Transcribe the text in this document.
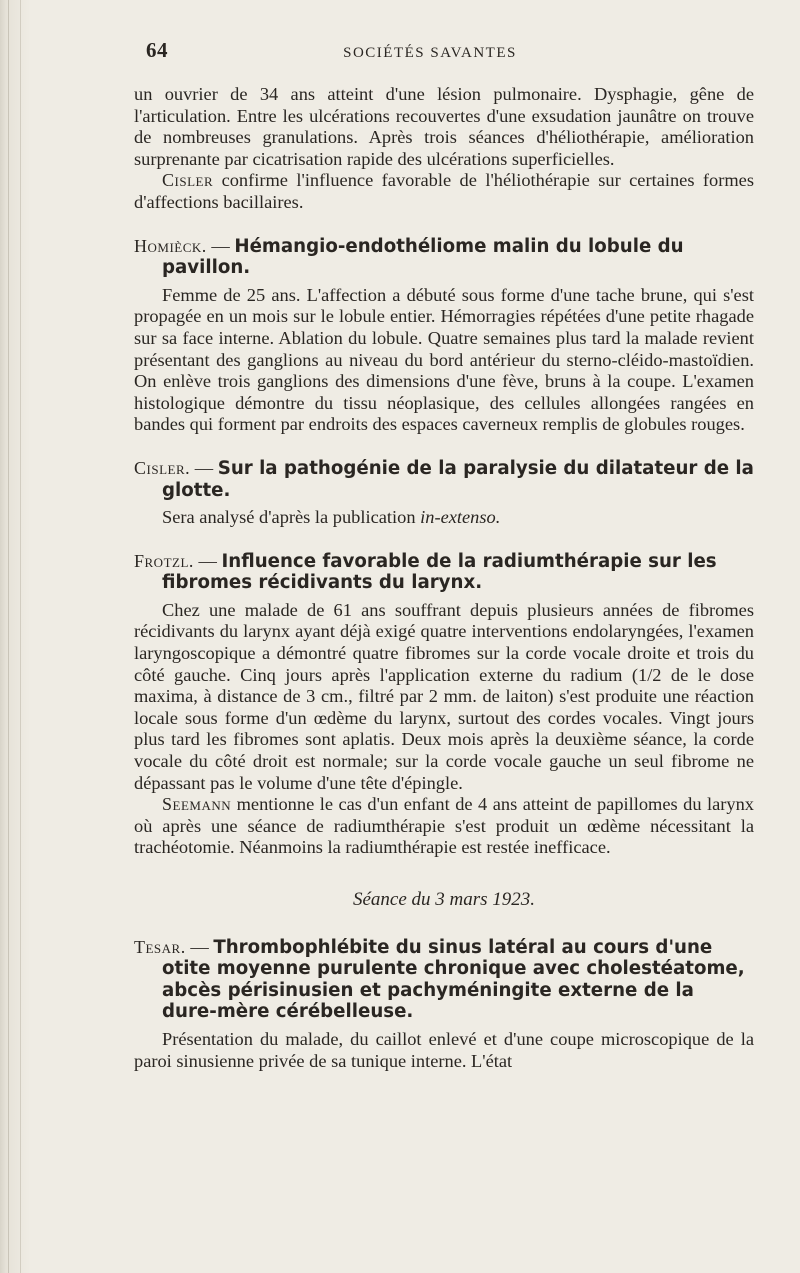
64	SOCIÉTÉS SAVANTES

un ouvrier de 34 ans atteint d'une lésion pulmonaire. Dysphagie, gêne de l'articulation. Entre les ulcérations recouvertes d'une exsudation jaunâtre on trouve de nombreuses granulations. Après trois séances d'héliothérapie, amélioration surprenante par cicatrisation rapide des ulcérations superficielles.

Cisler confirme l'influence favorable de l'héliothérapie sur certaines formes d'affections bacillaires.

Homièck. — Hémangio-endothéliome malin du lobule du pavillon.

Femme de 25 ans. L'affection a débuté sous forme d'une tache brune, qui s'est propagée en un mois sur le lobule entier. Hémorragies répétées d'une petite rhagade sur sa face interne. Ablation du lobule. Quatre semaines plus tard la malade revient présentant des ganglions au niveau du bord antérieur du sterno-cléido-mastoïdien. On enlève trois ganglions des dimensions d'une fève, bruns à la coupe. L'examen histologique démontre du tissu néoplasique, des cellules allongées rangées en bandes qui forment par endroits des espaces caverneux remplis de globules rouges.

Cisler. — Sur la pathogénie de la paralysie du dilatateur de la glotte.

Sera analysé d'après la publication in-extenso.

Frotzl. — Influence favorable de la radiumthérapie sur les fibromes récidivants du larynx.

Chez une malade de 61 ans souffrant depuis plusieurs années de fibromes récidivants du larynx ayant déjà exigé quatre interventions endolaryngées, l'examen laryngoscopique a démontré quatre fibromes sur la corde vocale droite et trois du côté gauche. Cinq jours après l'application externe du radium (1/2 de le dose maxima, à distance de 3 cm., filtré par 2 mm. de laiton) s'est produite une réaction locale sous forme d'un œdème du larynx, surtout des cordes vocales. Vingt jours plus tard les fibromes sont aplatis. Deux mois après la deuxième séance, la corde vocale du côté droit est normale; sur la corde vocale gauche un seul fibrome ne dépassant pas le volume d'une tête d'épingle.

Seemann mentionne le cas d'un enfant de 4 ans atteint de papillomes du larynx où après une séance de radiumthérapie s'est produit un œdème nécessitant la trachéotomie. Néanmoins la radiumthérapie est restée inefficace.

Séance du 3 mars 1923.

Tesar. — Thrombophlébite du sinus latéral au cours d'une otite moyenne purulente chronique avec cholestéatome, abcès périsinusien et pachyméningite externe de la dure-mère cérébelleuse.

Présentation du malade, du caillot enlevé et d'une coupe microscopique de la paroi sinusienne privée de sa tunique interne. L'état
